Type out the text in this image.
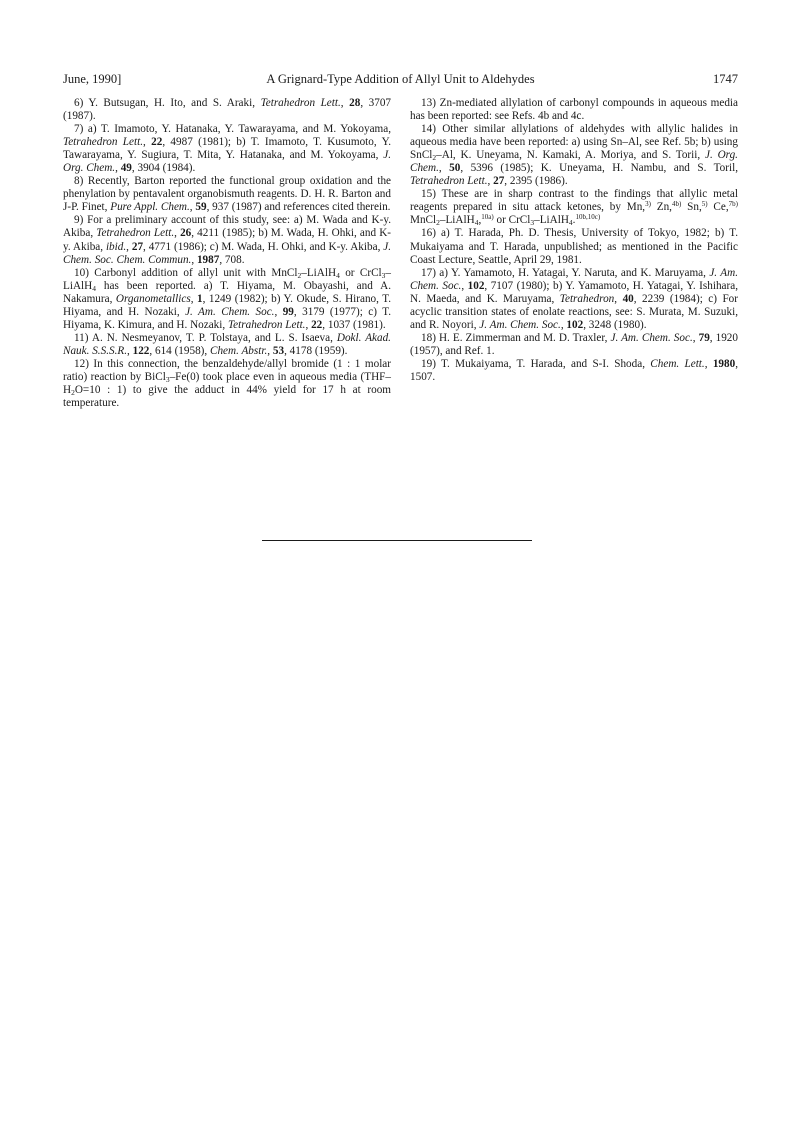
June, 1990]	A Grignard-Type Addition of Allyl Unit to Aldehydes	1747

6) Y. Butsugan, H. Ito, and S. Araki, Tetrahedron Lett., 28, 3707 (1987).

7) a) T. Imamoto, Y. Hatanaka, Y. Tawarayama, and M. Yokoyama, Tetrahedron Lett., 22, 4987 (1981); b) T. Imamoto, T. Kusumoto, Y. Tawarayama, Y. Sugiura, T. Mita, Y. Hatanaka, and M. Yokoyama, J. Org. Chem., 49, 3904 (1984).

8) Recently, Barton reported the functional group oxidation and the phenylation by pentavalent organobismuth reagents. D. H. R. Barton and J-P. Finet, Pure Appl. Chem., 59, 937 (1987) and references cited therein.

9) For a preliminary account of this study, see: a) M. Wada and K-y. Akiba, Tetrahedron Lett., 26, 4211 (1985); b) M. Wada, H. Ohki, and K-y. Akiba, ibid., 27, 4771 (1986); c) M. Wada, H. Ohki, and K-y. Akiba, J. Chem. Soc. Chem. Commun., 1987, 708.

10) Carbonyl addition of allyl unit with MnCl$_2$–LiAlH$_4$ or CrCl$_3$–LiAlH$_4$ has been reported. a) T. Hiyama, M. Obayashi, and A. Nakamura, Organometallics, 1, 1249 (1982); b) Y. Okude, S. Hirano, T. Hiyama, and H. Nozaki, J. Am. Chem. Soc., 99, 3179 (1977); c) T. Hiyama, K. Kimura, and H. Nozaki, Tetrahedron Lett., 22, 1037 (1981).

11) A. N. Nesmeyanov, T. P. Tolstaya, and L. S. Isaeva, Dokl. Akad. Nauk. S.S.S.R., 122, 614 (1958), Chem. Abstr., 53, 4178 (1959).

12) In this connection, the benzaldehyde/allyl bromide (1 : 1 molar ratio) reaction by BiCl$_3$–Fe(0) took place even in aqueous media ($THF-H_2O=10$ : 1) to give the adduct in 44% yield for 17 h at room temperature.

13) Zn-mediated allylation of carbonyl compounds in aqueous media has been reported: see Refs. 4b and 4c.

14) Other similar allylations of aldehydes with allylic halides in aqueous media have been reported: a) using Sn–Al, see Ref. 5b; b) using SnCl$_2$–Al, K. Uneyama, N. Kamaki, A. Moriya, and S. Torii, J. Org. Chem., 50, 5396 (1985); K. Uneyama, H. Nambu, and S. Toril, Tetrahedron Lett., 27, 2395 (1986).

15) These are in sharp contrast to the findings that allylic metal reagents prepared in situ attack ketones, by Mn,$^{3)}$ Zn,$^{4b)}$ Sn,$^{5)}$ Ce,$^{7b)}$ MnCl$_2$–LiAlH$_4$,$^{10a)}$ or CrCl$_3$–LiAlH$_4$.$^{10b,10c)}$

16) a) T. Harada, Ph. D. Thesis, University of Tokyo, 1982; b) T. Mukaiyama and T. Harada, unpublished; as mentioned in the Pacific Coast Lecture, Seattle, April 29, 1981.

17) a) Y. Yamamoto, H. Yatagai, Y. Naruta, and K. Maruyama, J. Am. Chem. Soc., 102, 7107 (1980); b) Y. Yamamoto, H. Yatagai, Y. Ishihara, N. Maeda, and K. Maruyama, Tetrahedron, 40, 2239 (1984); c) For acyclic transition states of enolate reactions, see: S. Murata, M. Suzuki, and R. Noyori, J. Am. Chem. Soc., 102, 3248 (1980).

18) H. E. Zimmerman and M. D. Traxler, J. Am. Chem. Soc., 79, 1920 (1957), and Ref. 1.

19) T. Mukaiyama, T. Harada, and S-I. Shoda, Chem. Lett., 1980, 1507.
